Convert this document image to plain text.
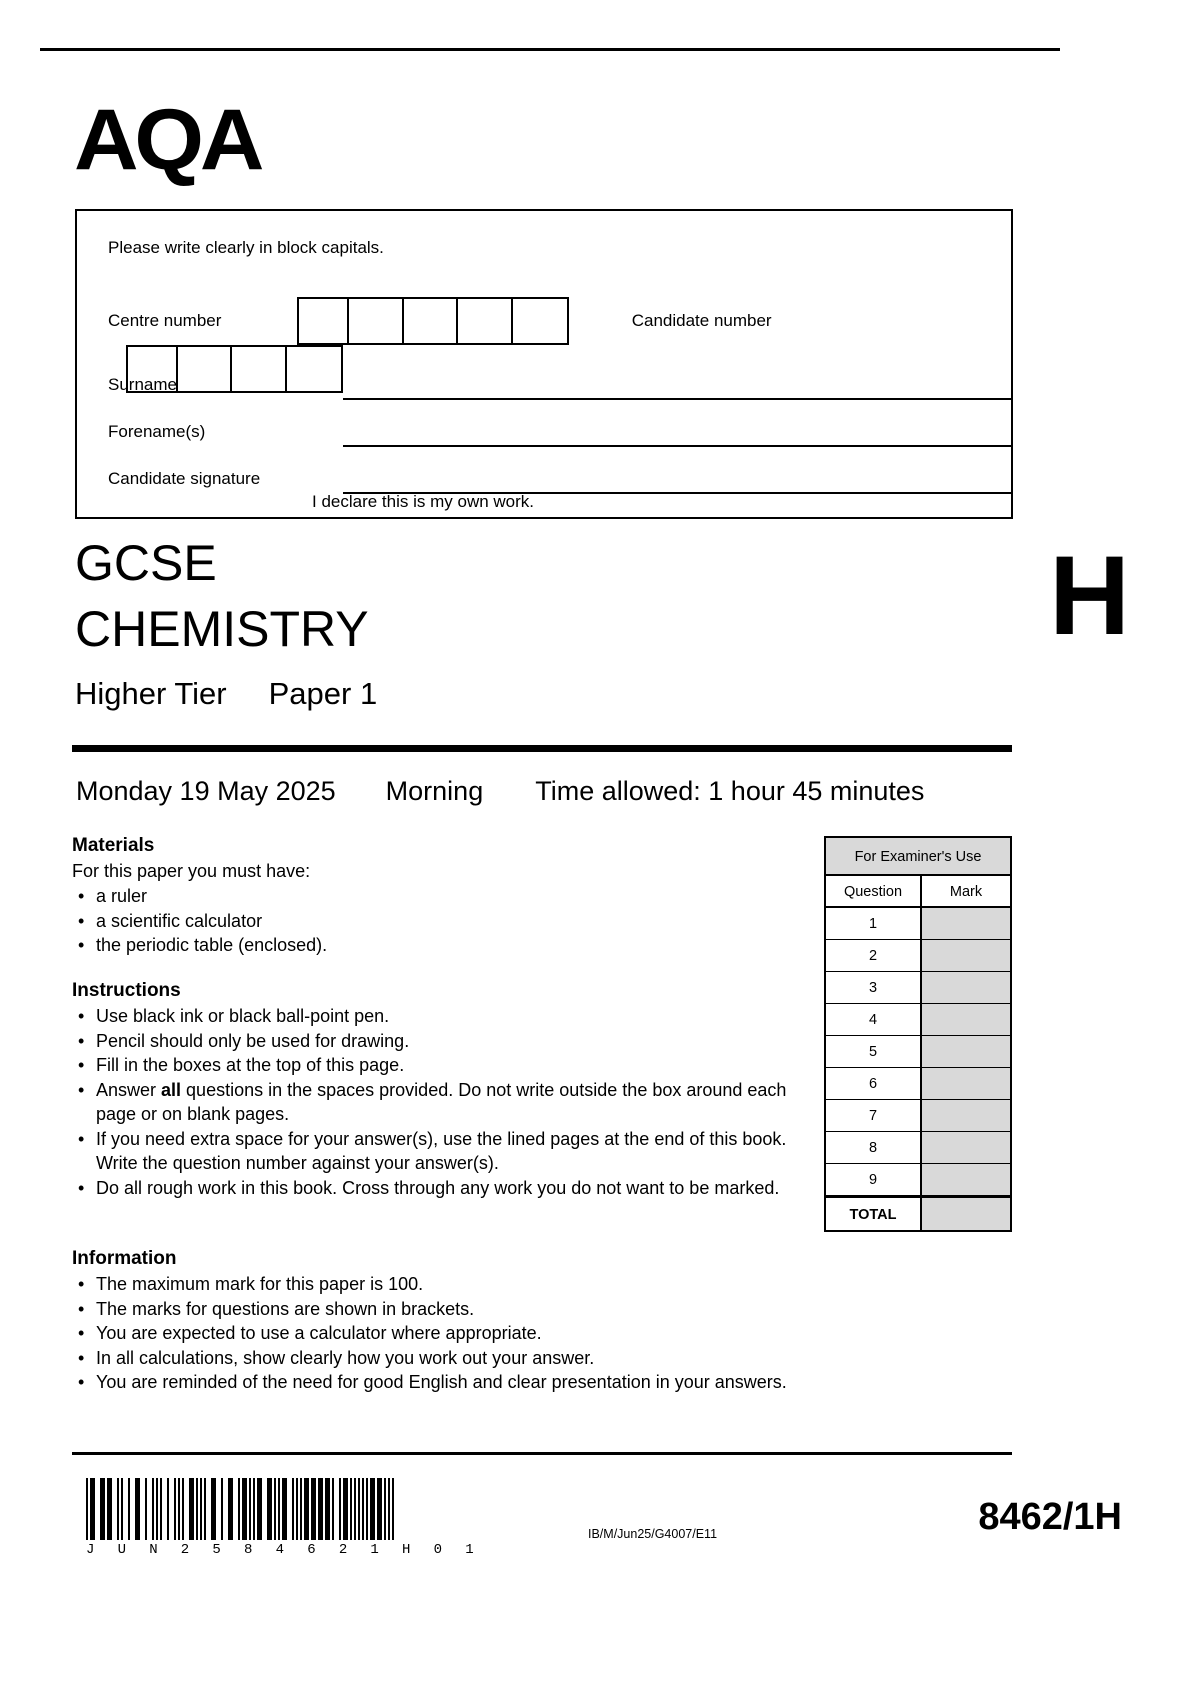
AQA
Please write clearly in block capitals.
Centre number	Candidate number
Surname
Forename(s)
Candidate signature
I declare this is my own work.
GCSE
CHEMISTRY
Higher Tier Paper 1
H
Monday 19 May 2025 Morning Time allowed: 1 hour 45 minutes
Materials

For this paper you must have:

• a ruler
• a scientific calculator
• the periodic table (enclosed).
Instructions
• Use black ink or black ball-point pen.
• Pencil should only be used for drawing.
• Fill in the boxes at the top of this page.
• Answer all questions in the spaces provided. Do not write outside the box around each page or on blank pages.
• If you need extra space for your answer(s), use the lined pages at the end of this book. Write the question number against your answer(s).
• Do all rough work in this book. Cross through any work you do not want to be marked.
Information
• The maximum mark for this paper is 100.
• The marks for questions are shown in brackets.
• You are expected to use a calculator where appropriate.
• In all calculations, show clearly how you work out your answer.
• You are reminded of the need for good English and clear presentation in your answers.
For Examiner's Use
Question	Mark
1
2
3
4
5
6
7
8
9
TOTAL
J U N 2 5 8 4 6 2 1 H 0 1
IB/M/Jun25/G4007/E11	8462/1H
